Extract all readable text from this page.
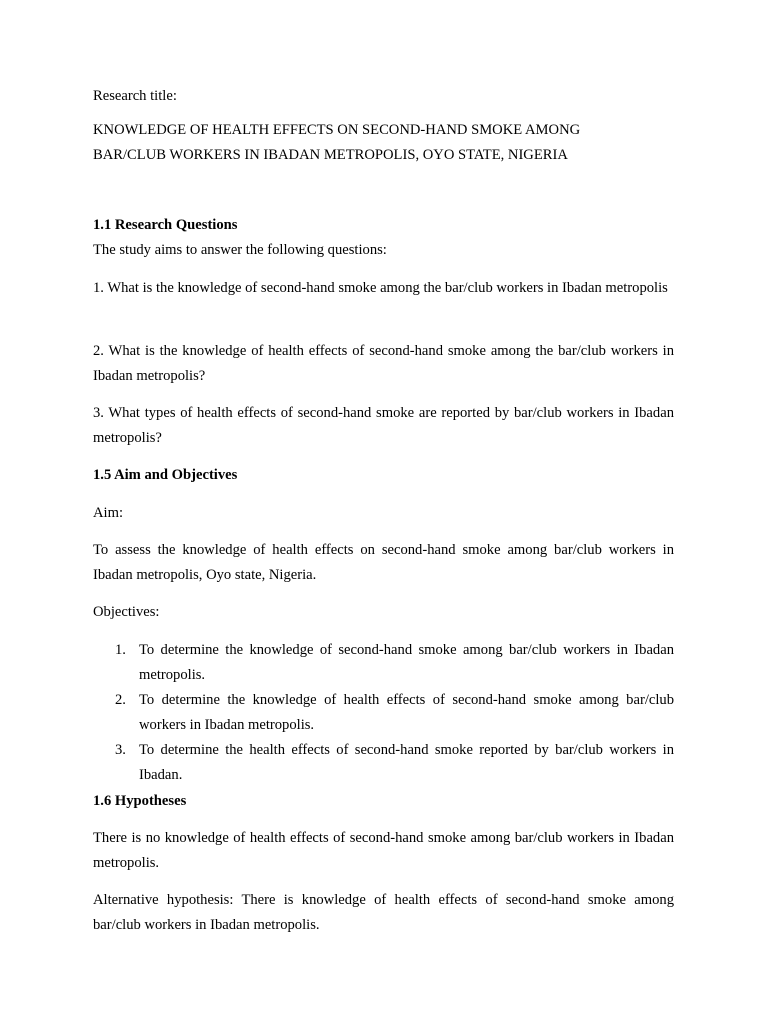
Research title:

KNOWLEDGE OF HEALTH EFFECTS ON SECOND-HAND SMOKE AMONG BAR/CLUB WORKERS IN IBADAN METROPOLIS, OYO STATE, NIGERIA

1.1 Research Questions

The study aims to answer the following questions:

1. What is the knowledge of second-hand smoke among the bar/club workers in Ibadan metropolis

2. What is the knowledge of health effects of second-hand smoke among the bar/club workers in Ibadan metropolis?

3. What types of health effects of second-hand smoke are reported by bar/club workers in Ibadan metropolis?

1.5 Aim and Objectives

Aim:

To assess the knowledge of health effects on second-hand smoke among bar/club workers in Ibadan metropolis, Oyo state, Nigeria.

Objectives:

1. To determine the knowledge of second-hand smoke among bar/club workers in Ibadan metropolis.
2. To determine the knowledge of health effects of second-hand smoke among bar/club workers in Ibadan metropolis.
3. To determine the health effects of second-hand smoke reported by bar/club workers in Ibadan.

1.6 Hypotheses

There is no knowledge of health effects of second-hand smoke among bar/club workers in Ibadan metropolis.

Alternative hypothesis: There is knowledge of health effects of second-hand smoke among bar/club workers in Ibadan metropolis.
